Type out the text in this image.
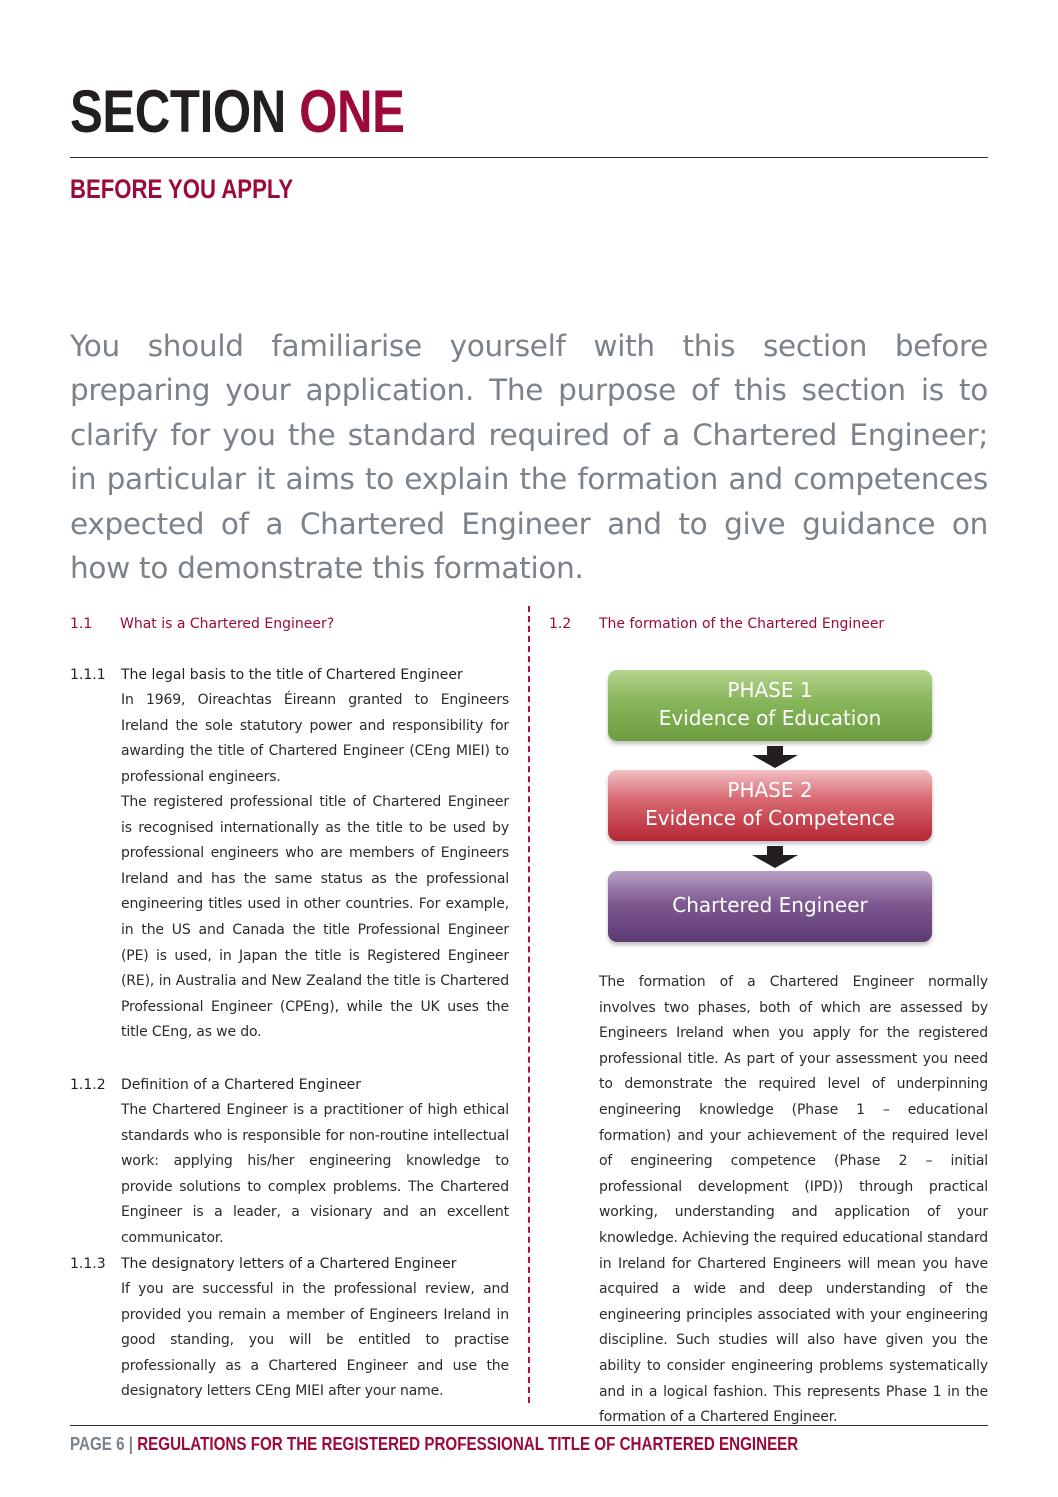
SECTION ONE
BEFORE YOU APPLY

You should familiarise yourself with this section before preparing your application. The purpose of this section is to clarify for you the standard required of a Chartered Engineer; in particular it aims to explain the formation and competences expected of a Chartered Engineer and to give guidance on how to demonstrate this formation.

1.1 What is a Chartered Engineer?
1.1.1 The legal basis to the title of Chartered Engineer

In 1969, Oireachtas Éireann granted to Engineers Ireland the sole statutory power and responsibility for awarding the title of Chartered Engineer (CEng MIEI) to professional engineers.

The registered professional title of Chartered Engineer is recognised internationally as the title to be used by professional engineers who are members of Engineers Ireland and has the same status as the professional engineering titles used in other countries. For example, in the US and Canada the title Professional Engineer (PE) is used, in Japan the title is Registered Engineer (RE), in Australia and New Zealand the title is Chartered Professional Engineer (CPEng), while the UK uses the title CEng, as we do.

1.1.2 Definition of a Chartered Engineer

The Chartered Engineer is a practitioner of high ethical standards who is responsible for non-routine intellectual work: applying his/her engineering knowledge to provide solutions to complex problems. The Chartered Engineer is a leader, a visionary and an excellent communicator.

1.1.3 The designatory letters of a Chartered Engineer

If you are successful in the professional review, and provided you remain a member of Engineers Ireland in good standing, you will be entitled to practise professionally as a Chartered Engineer and use the designatory letters CEng MIEI after your name.

1.2 The formation of the Chartered Engineer
PHASE 1
Evidence of Education
PHASE 2
Evidence of Competence
Chartered Engineer

The formation of a Chartered Engineer normally involves two phases, both of which are assessed by Engineers Ireland when you apply for the registered professional title. As part of your assessment you need to demonstrate the required level of underpinning engineering knowledge (Phase 1 – educational formation) and your achievement of the required level of engineering competence (Phase 2 – initial professional development (IPD)) through practical working, understanding and application of your knowledge. Achieving the required educational standard in Ireland for Chartered Engineers will mean you have acquired a wide and deep understanding of the engineering principles associated with your engineering discipline. Such studies will also have given you the ability to consider engineering problems systematically and in a logical fashion. This represents Phase 1 in the formation of a Chartered Engineer.

PAGE 6 | REGULATIONS FOR THE REGISTERED PROFESSIONAL TITLE OF CHARTERED ENGINEER
